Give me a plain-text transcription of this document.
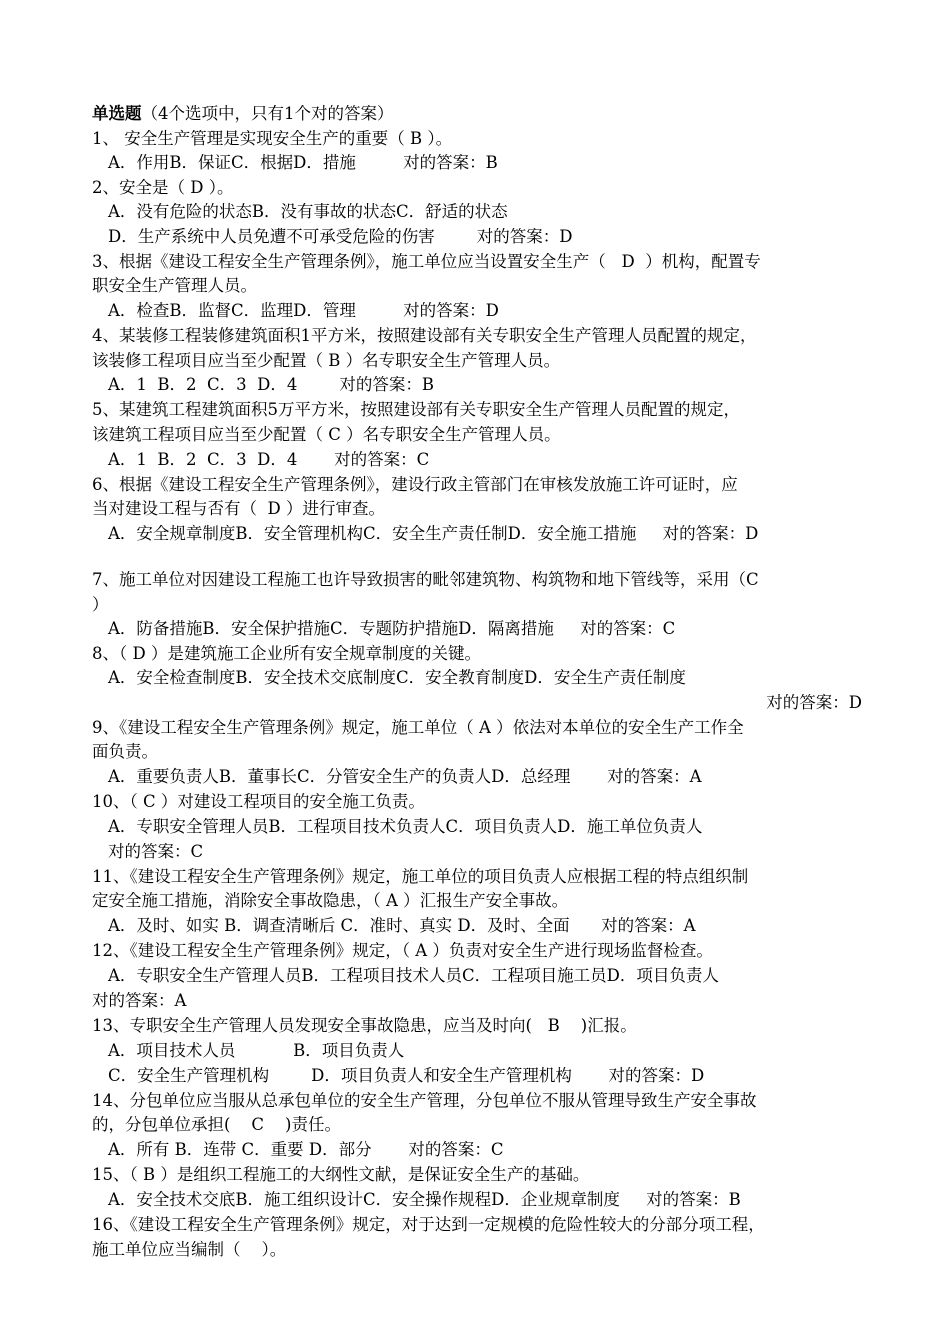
单选题（4个选项中，只有1个对的答案）
1、 安全生产管理是实现安全生产的重要（ B ）。
A．作用B．保证C．根据D．措施         对的答案：B
2、安全是（ D ）。
A．没有危险的状态B．没有事故的状态C．舒适的状态
D．生产系统中人员免遭不可承受危险的伤害        对的答案：D
3、根据《建设工程安全生产管理条例》，施工单位应当设置安全生产（   D  ）机构，配置专
职安全生产管理人员。
A．检查B．监督C．监理D．管理         对的答案：D
4、某装修工程装修建筑面积1平方米，按照建设部有关专职安全生产管理人员配置的规定，
该装修工程项目应当至少配置（ B ）名专职安全生产管理人员。
A．1  B．2  C．3  D．4        对的答案：B
5、某建筑工程建筑面积5万平方米，按照建设部有关专职安全生产管理人员配置的规定，
该建筑工程项目应当至少配置（ C ）名专职安全生产管理人员。
A．1  B．2  C．3  D．4       对的答案：C
6、根据《建设工程安全生产管理条例》，建设行政主管部门在审核发放施工许可证时，应
当对建设工程与否有（  D ）进行审查。
A．安全规章制度B．安全管理机构C．安全生产责任制D．安全施工措施     对的答案：D
7、施工单位对因建设工程施工也许导致损害的毗邻建筑物、构筑物和地下管线等，采用（C
）
A．防备措施B．安全保护措施C．专题防护措施D．隔离措施     对的答案：C
8、（ D ）是建筑施工企业所有安全规章制度的关键。
A．安全检查制度B．安全技术交底制度C．安全教育制度D．安全生产责任制度
对的答案：D
9、《建设工程安全生产管理条例》规定，施工单位（ A ）依法对本单位的安全生产工作全
面负责。
A．重要负责人B．董事长C．分管安全生产的负责人D．总经理       对的答案：A
10、（ C ）对建设工程项目的安全施工负责。
A．专职安全管理人员B．工程项目技术负责人C．项目负责人D．施工单位负责人
对的答案：C
11、《建设工程安全生产管理条例》规定，施工单位的项目负责人应根据工程的特点组织制
定安全施工措施，消除安全事故隐患，（ A ）汇报生产安全事故。
A．及时、如实 B．调查清晰后 C．准时、真实 D．及时、全面      对的答案：A
12、《建设工程安全生产管理条例》规定，（ A ）负责对安全生产进行现场监督检查。
A．专职安全生产管理人员B．工程项目技术人员C．工程项目施工员D．项目负责人
对的答案：A
13、专职安全生产管理人员发现安全事故隐患，应当及时向(   B    )汇报。
A．项目技术人员           B．项目负责人
C．安全生产管理机构        D．项目负责人和安全生产管理机构       对的答案：D
14、分包单位应当服从总承包单位的安全生产管理，分包单位不服从管理导致生产安全事故
的，分包单位承担(    C    )责任。
A．所有 B．连带 C．重要 D．部分       对的答案：C
15、（ B ）是组织工程施工的大纲性文献，是保证安全生产的基础。
A．安全技术交底B．施工组织设计C．安全操作规程D．企业规章制度     对的答案：B
16、《建设工程安全生产管理条例》规定，对于达到一定规模的危险性较大的分部分项工程，
施工单位应当编制（    ）。
